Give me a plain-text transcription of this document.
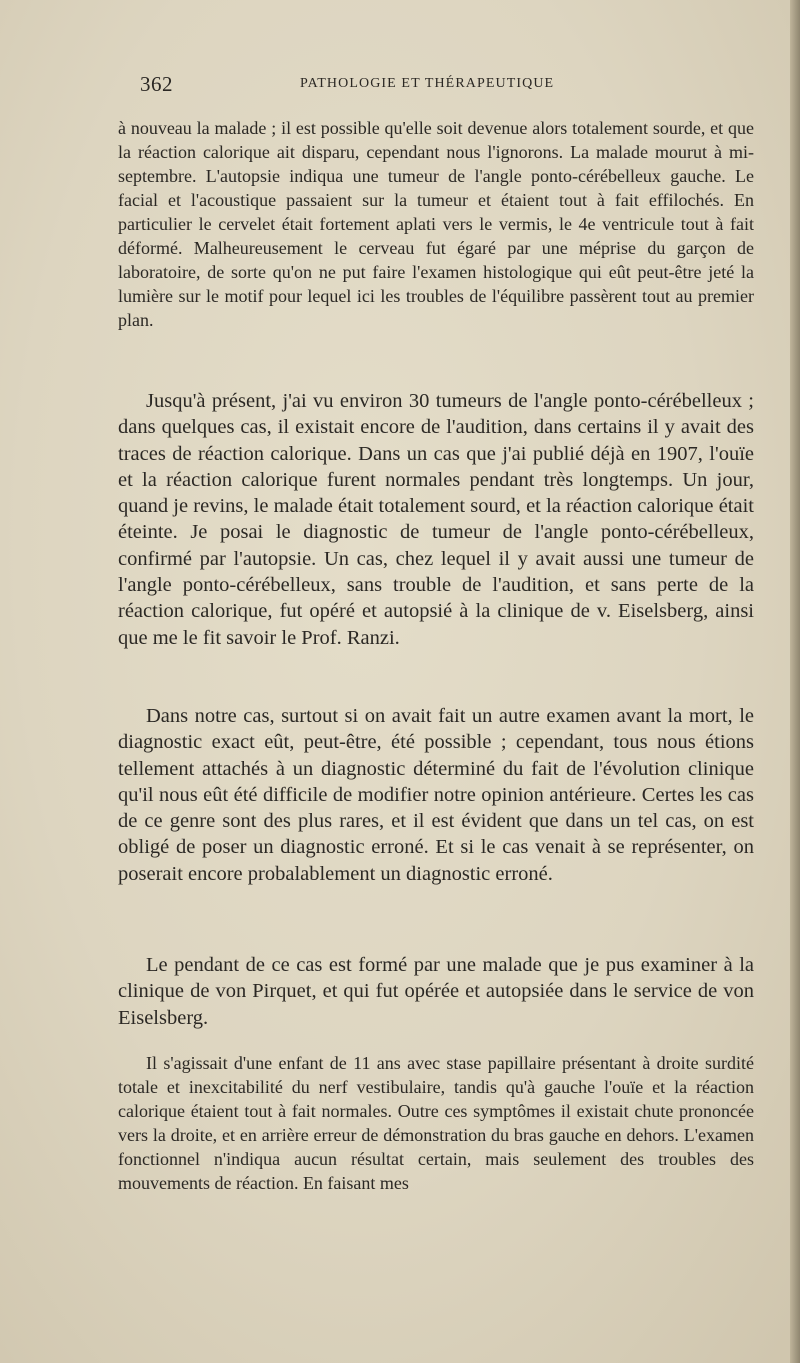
362	PATHOLOGIE ET THÉRAPEUTIQUE

à nouveau la malade ; il est possible qu'elle soit devenue alors totalement sourde, et que la réaction calorique ait disparu, cependant nous l'ignorons. La malade mourut à mi-septembre. L'autopsie indiqua une tumeur de l'angle ponto-cérébelleux gauche. Le facial et l'acoustique passaient sur la tumeur et étaient tout à fait effilochés. En particulier le cervelet était fortement aplati vers le vermis, le 4e ventricule tout à fait déformé. Malheureusement le cerveau fut égaré par une méprise du garçon de laboratoire, de sorte qu'on ne put faire l'examen histologique qui eût peut-être jeté la lumière sur le motif pour lequel ici les troubles de l'équilibre passèrent tout au premier plan.

Jusqu'à présent, j'ai vu environ 30 tumeurs de l'angle ponto-cérébelleux ; dans quelques cas, il existait encore de l'audition, dans certains il y avait des traces de réaction calorique. Dans un cas que j'ai publié déjà en 1907, l'ouïe et la réaction calorique furent normales pendant très longtemps. Un jour, quand je revins, le malade était totalement sourd, et la réaction calorique était éteinte. Je posai le diagnostic de tumeur de l'angle ponto-cérébelleux, confirmé par l'autopsie. Un cas, chez lequel il y avait aussi une tumeur de l'angle ponto-cérébelleux, sans trouble de l'audition, et sans perte de la réaction calorique, fut opéré et autopsié à la clinique de v. Eiselsberg, ainsi que me le fit savoir le Prof. Ranzi.

Dans notre cas, surtout si on avait fait un autre examen avant la mort, le diagnostic exact eût, peut-être, été possible ; cependant, tous nous étions tellement attachés à un diagnostic déterminé du fait de l'évolution clinique qu'il nous eût été difficile de modifier notre opinion antérieure. Certes les cas de ce genre sont des plus rares, et il est évident que dans un tel cas, on est obligé de poser un diagnostic erroné. Et si le cas venait à se représenter, on poserait encore probalablement un diagnostic erroné.

Le pendant de ce cas est formé par une malade que je pus examiner à la clinique de von Pirquet, et qui fut opérée et autopsiée dans le service de von Eiselsberg.

Il s'agissait d'une enfant de 11 ans avec stase papillaire présentant à droite surdité totale et inexcitabilité du nerf vestibulaire, tandis qu'à gauche l'ouïe et la réaction calorique étaient tout à fait normales. Outre ces symptômes il existait chute prononcée vers la droite, et en arrière erreur de démonstration du bras gauche en dehors. L'examen fonctionnel n'indiqua aucun résultat certain, mais seulement des troubles des mouvements de réaction. En faisant mes
